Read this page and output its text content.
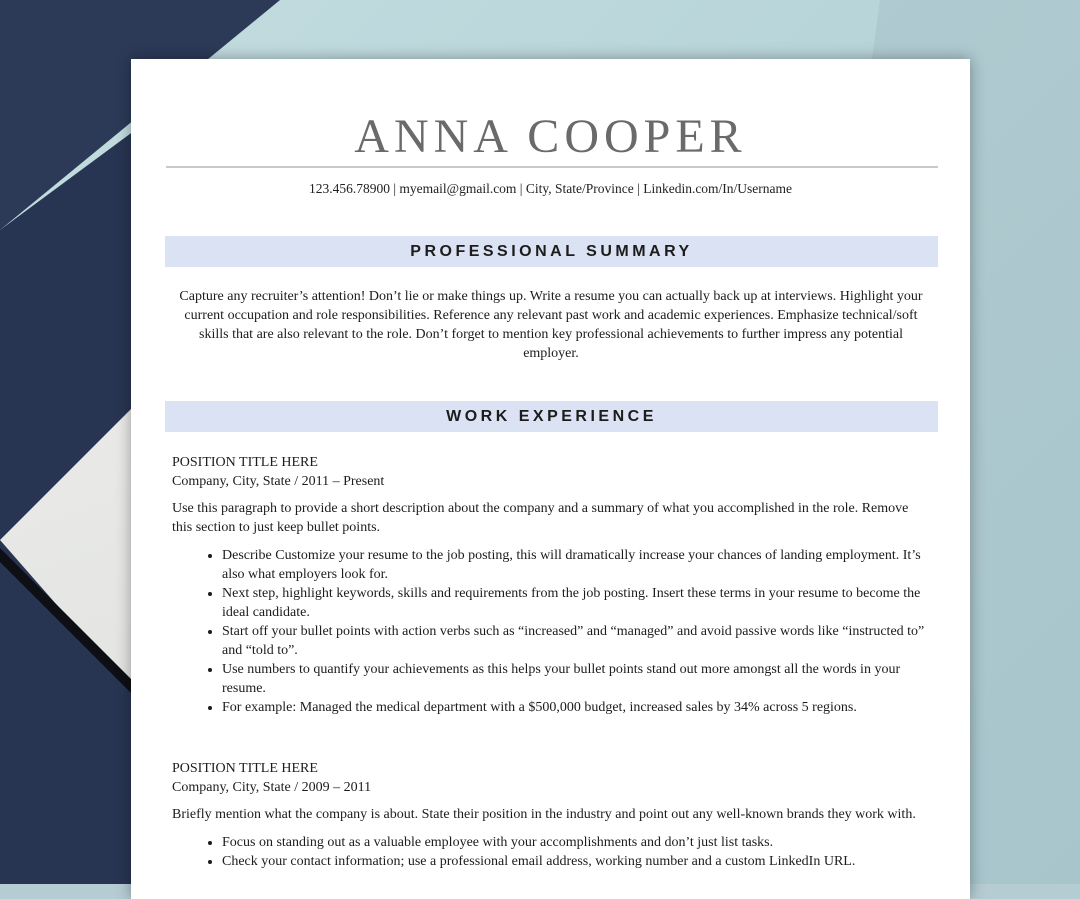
ANNA COOPER
123.456.78900 | myemail@gmail.com | City, State/Province | Linkedin.com/In/Username
PROFESSIONAL SUMMARY
Capture any recruiter’s attention! Don’t lie or make things up. Write a resume you can actually back up at interviews. Highlight your current occupation and role responsibilities. Reference any relevant past work and academic experiences. Emphasize technical/soft skills that are also relevant to the role. Don’t forget to mention key professional achievements to further impress any potential employer.
WORK EXPERIENCE

POSITION TITLE HERE

Company, City, State / 2011 – Present

Use this paragraph to provide a short description about the company and a summary of what you accomplished in the role. Remove this section to just keep bullet points.

• Describe Customize your resume to the job posting, this will dramatically increase your chances of landing employment. It’s also what employers look for.
• Next step, highlight keywords, skills and requirements from the job posting. Insert these terms in your resume to become the ideal candidate.
• Start off your bullet points with action verbs such as “increased” and “managed” and avoid passive words like “instructed to” and “told to”.
• Use numbers to quantify your achievements as this helps your bullet points stand out more amongst all the words in your resume.
• For example: Managed the medical department with a $500,000 budget, increased sales by 34% across 5 regions.

POSITION TITLE HERE

Company, City, State / 2009 – 2011

Briefly mention what the company is about. State their position in the industry and point out any well-known brands they work with.

• Focus on standing out as a valuable employee with your accomplishments and don’t just list tasks.
• Check your contact information; use a professional email address, working number and a custom LinkedIn URL.
